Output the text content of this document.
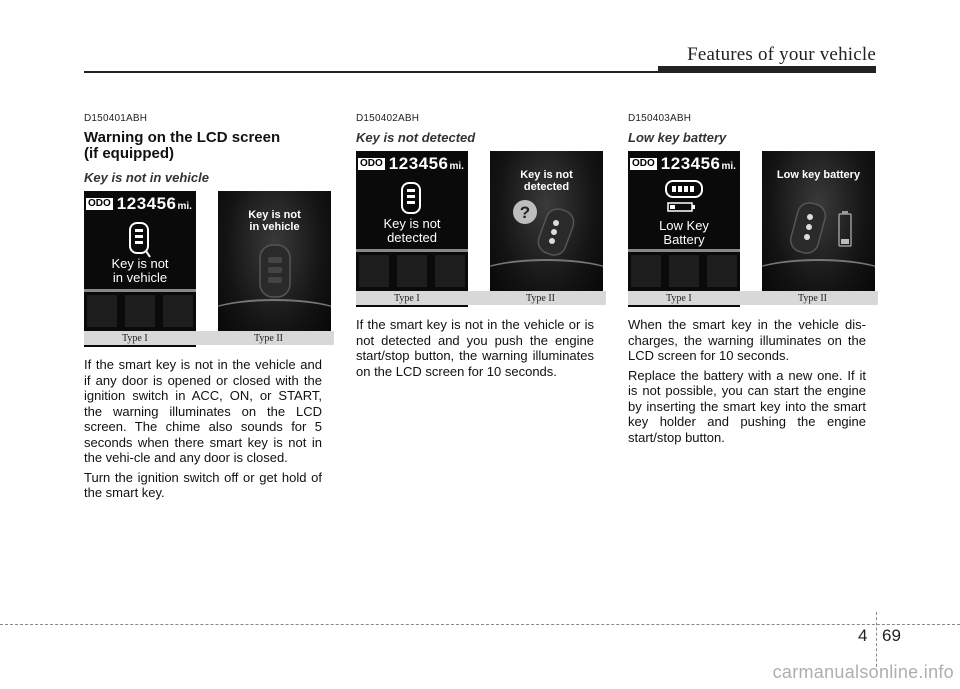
Features of your vehicle
D150401ABH
Warning on the LCD screen
(if equipped)
Key is not in vehicle
ODO 123456 mi.
Key is not
in vehicle
Key is not
in vehicle
Type I	Type II

If the smart key is not in the vehicle and if any door is opened or closed with the ignition switch in ACC, ON, or START, the warning illuminates on the LCD screen. The chime also sounds for 5 seconds when there smart key is not in the vehi-cle and any door is closed.

Turn the ignition switch off or get hold of the smart key.

D150402ABH
Key is not detected
ODO 123456 mi.
Key is not
detected
Key is not
detected
?
Type I	Type II

If the smart key is not in the vehicle or is not detected and you push the engine start/stop button, the warning illuminates on the LCD screen for 10 seconds.

D150403ABH
Low key battery
ODO 123456 mi.
Low Key
Battery
Low key battery
Type I	Type II

When the smart key in the vehicle dis-charges, the warning illuminates on the LCD screen for 10 seconds.

Replace the battery with a new one. If it is not possible, you can start the engine by inserting the smart key into the smart key holder and pushing the engine start/stop button.

4 69
carmanualsonline.info
